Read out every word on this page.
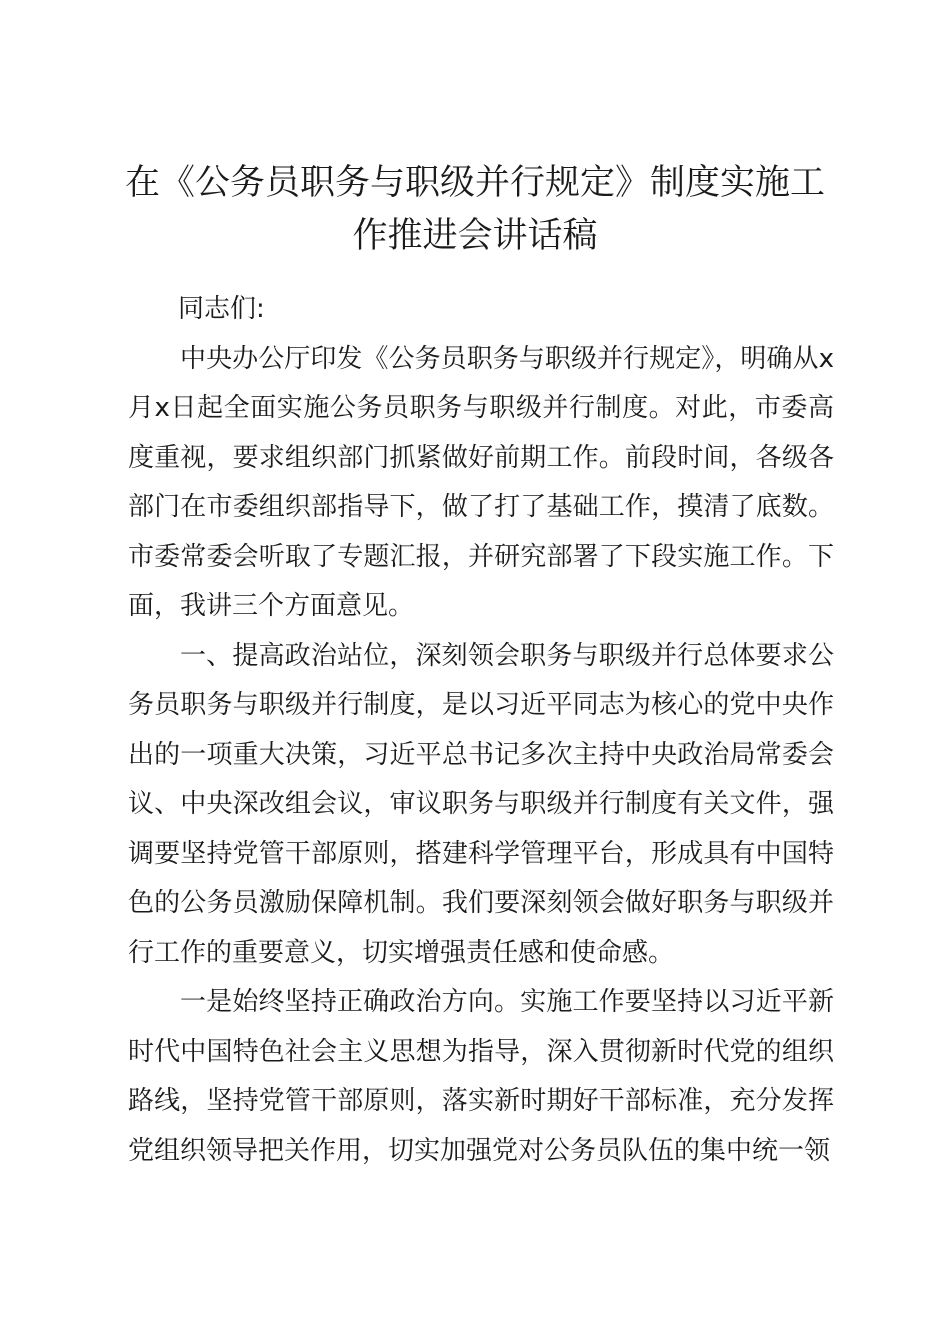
在《公务员职务与职级并行规定》制度实施工
作推进会讲话稿

同志们:

中央办公厅印发《公务员职务与职级并行规定》，明确从x月x日起全面实施公务员职务与职级并行制度。对此，市委高度重视，要求组织部门抓紧做好前期工作。前段时间，各级各部门在市委组织部指导下，做了打了基础工作，摸清了底数。市委常委会听取了专题汇报，并研究部署了下段实施工作。下面，我讲三个方面意见。

一、提高政治站位，深刻领会职务与职级并行总体要求公务员职务与职级并行制度，是以习近平同志为核心的党中央作出的一项重大决策，习近平总书记多次主持中央政治局常委会议、中央深改组会议，审议职务与职级并行制度有关文件，强调要坚持党管干部原则，搭建科学管理平台，形成具有中国特色的公务员激励保障机制。我们要深刻领会做好职务与职级并行工作的重要意义，切实增强责任感和使命感。

一是始终坚持正确政治方向。实施工作要坚持以习近平新时代中国特色社会主义思想为指导，深入贯彻新时代党的组织路线，坚持党管干部原则，落实新时期好干部标准，充分发挥党组织领导把关作用，切实加强党对公务员队伍的集中统一领
